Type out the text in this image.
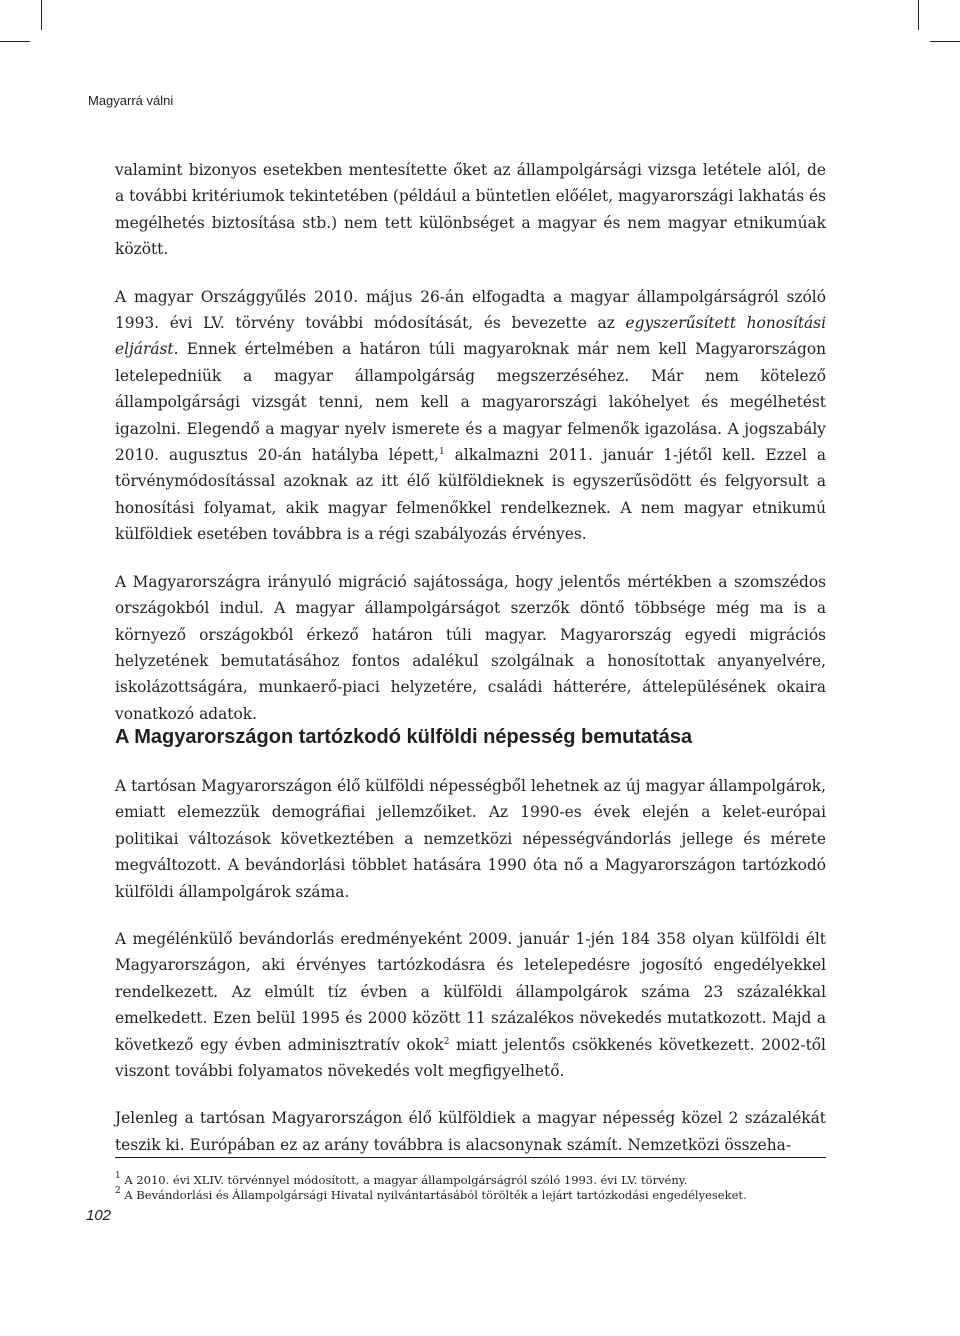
Magyarrá válni

valamint bizonyos esetekben mentesítette őket az állampolgársági vizsga letétele alól, de a további kritériumok tekintetében (például a büntetlen előélet, magyarországi lakhatás és megélhetés biztosítása stb.) nem tett különbséget a magyar és nem magyar etnikumúak között.

A magyar Országgyűlés 2010. május 26-án elfogadta a magyar állampolgárságról szóló 1993. évi LV. törvény további módosítását, és bevezette az egyszerűsített honosítási eljárást. Ennek értelmében a határon túli magyaroknak már nem kell Magyarországon letelepedniük a magyar állampolgárság megszerzéséhez. Már nem kötelező állampolgársági vizsgát tenni, nem kell a magyarországi lakóhelyet és megélhetést igazolni. Elegendő a magyar nyelv ismerete és a magyar felmenők igazolása. A jogszabály 2010. augusztus 20-án hatályba lépett,$^1$ alkalmazni 2011. január 1-jétől kell. Ezzel a törvénymódosítással azoknak az itt élő külföldieknek is egyszerűsödött és felgyorsult a honosítási folyamat, akik magyar felmenőkkel rendelkeznek. A nem magyar etnikumú külföldiek esetében továbbra is a régi szabályozás érvényes.

A Magyarországra irányuló migráció sajátossága, hogy jelentős mértékben a szomszédos országokból indul. A magyar állampolgárságot szerzők döntő többsége még ma is a környező országokból érkező határon túli magyar. Magyarország egyedi migrációs helyzetének bemutatásához fontos adalékul szolgálnak a honosítottak anyanyelvére, iskolázottságára, munkaerő-piaci helyzetére, családi hátterére, áttelepülésének okaira vonatkozó adatok.

A Magyarországon tartózkodó külföldi népesség bemutatása

A tartósan Magyarországon élő külföldi népességből lehetnek az új magyar állampolgárok, emiatt elemezzük demográfiai jellemzőiket. Az 1990-es évek elején a kelet-európai politikai változások következtében a nemzetközi népességvándorlás jellege és mérete megváltozott. A bevándorlási többlet hatására 1990 óta nő a Magyarországon tartózkodó külföldi állampolgárok száma.

A megélénkülő bevándorlás eredményeként 2009. január 1-jén 184 358 olyan külföldi élt Magyarországon, aki érvényes tartózkodásra és letelepedésre jogosító engedélyekkel rendelkezett. Az elmúlt tíz évben a külföldi állampolgárok száma 23 százalékkal emelkedett. Ezen belül 1995 és 2000 között 11 százalékos növekedés mutatkozott. Majd a következő egy évben adminisztratív okok$^2$ miatt jelentős csökkenés következett. 2002-től viszont további folyamatos növekedés volt megfigyelhető.

Jelenleg a tartósan Magyarországon élő külföldiek a magyar népesség közel 2 százalékát teszik ki. Európában ez az arány továbbra is alacsonynak számít. Nemzetközi összeha-

$^1$ A 2010. évi XLIV. törvénnyel módosított, a magyar állampolgárságról szóló 1993. évi LV. törvény.
$^2$ A Bevándorlási és Állampolgársági Hivatal nyilvántartásából törölték a lejárt tartózkodási engedélyeseket.
102
